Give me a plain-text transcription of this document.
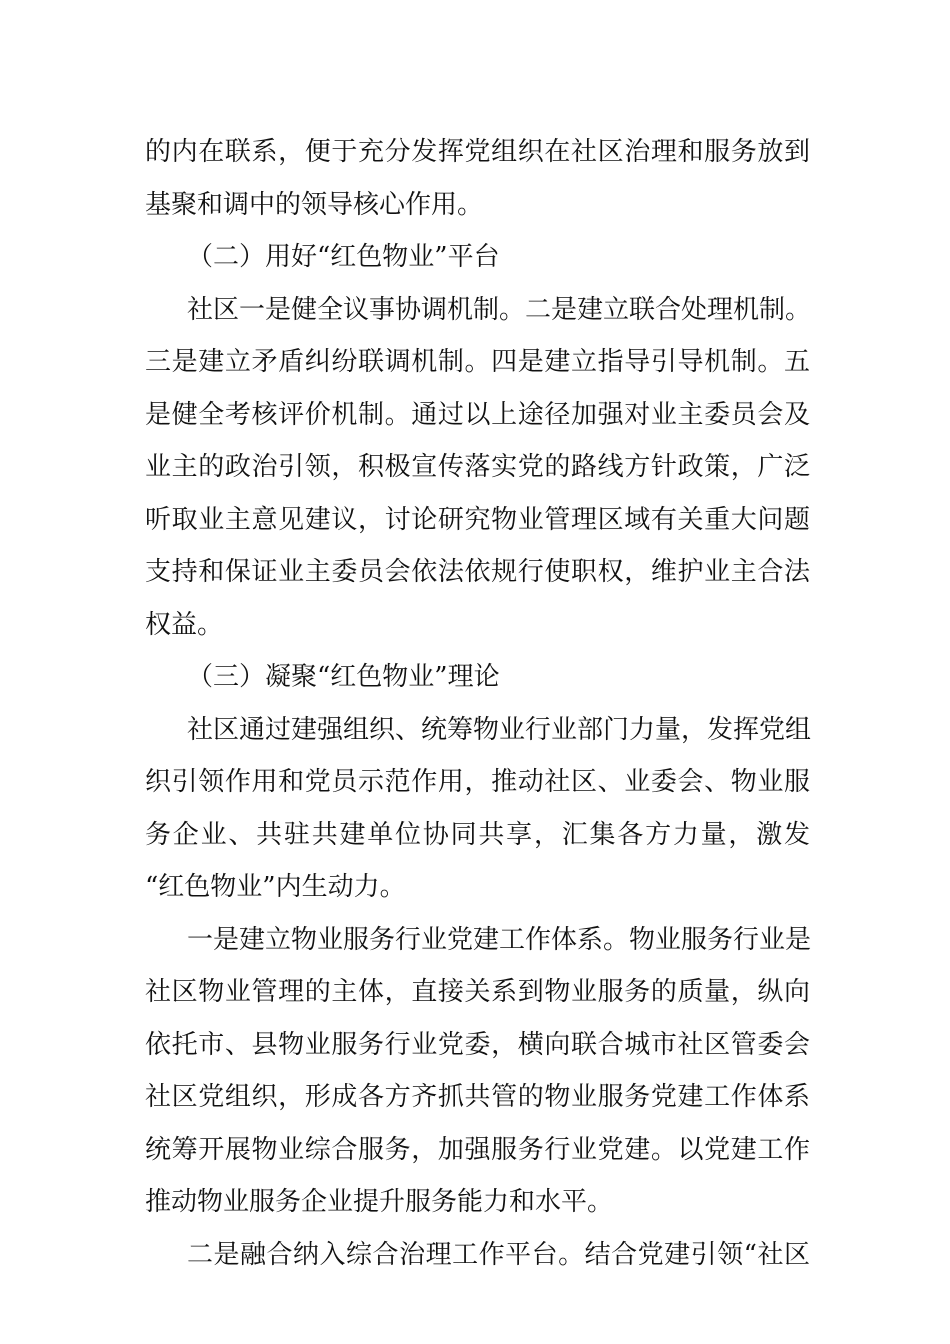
的内在联系，便于充分发挥党组织在社区治理和服务放到
基聚和调中的领导核心作用。

（二）用好“红色物业”平台

社区一是健全议事协调机制。二是建立联合处理机制。
三是建立矛盾纠纷联调机制。四是建立指导引导机制。五
是健全考核评价机制。通过以上途径加强对业主委员会及
业主的政治引领，积极宣传落实党的路线方针政策，广泛
听取业主意见建议，讨论研究物业管理区域有关重大问题
支持和保证业主委员会依法依规行使职权，维护业主合法
权益。

（三）凝聚“红色物业”理论

社区通过建强组织、统筹物业行业部门力量，发挥党组
织引领作用和党员示范作用，推动社区、业委会、物业服
务企业、共驻共建单位协同共享，汇集各方力量，激发
“红色物业”内生动力。

一是建立物业服务行业党建工作体系。物业服务行业是
社区物业管理的主体，直接关系到物业服务的质量，纵向
依托市、县物业服务行业党委，横向联合城市社区管委会
社区党组织，形成各方齐抓共管的物业服务党建工作体系
统筹开展物业综合服务，加强服务行业党建。以党建工作
推动物业服务企业提升服务能力和水平。

二是融合纳入综合治理工作平台。结合党建引领“社区
